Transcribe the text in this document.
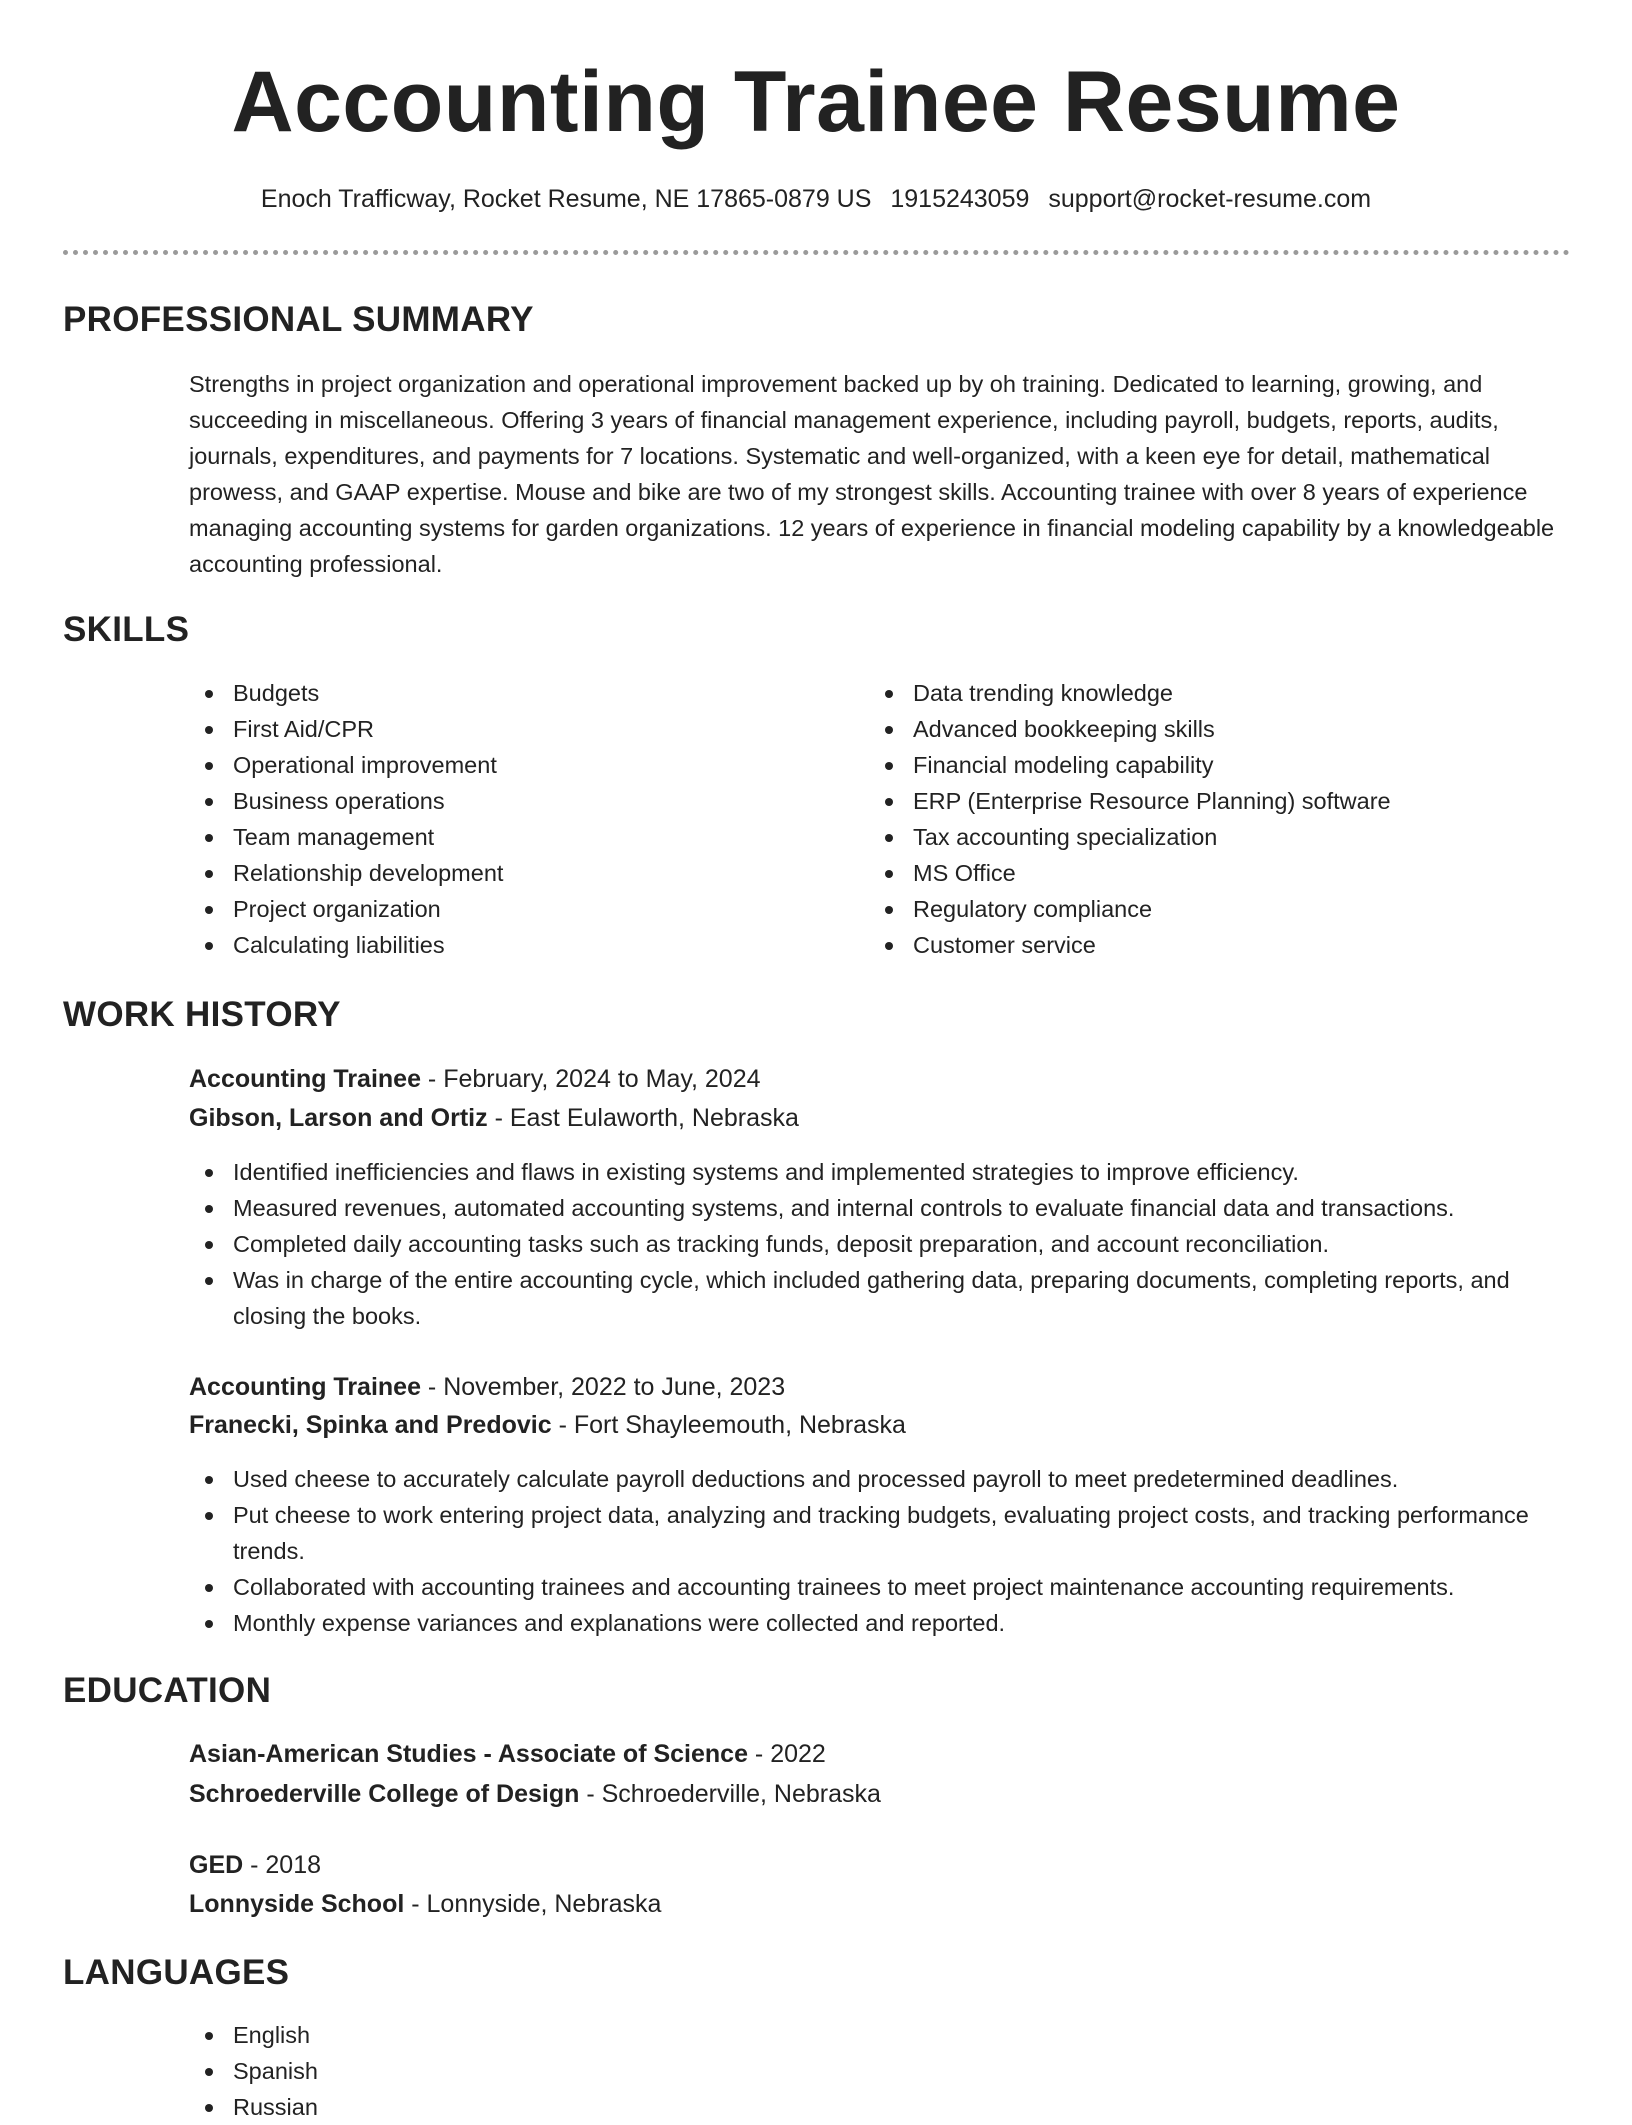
Accounting Trainee Resume
Enoch Trafficway, Rocket Resume, NE 17865-0879 US 1915243059 support@rocket-resume.com
PROFESSIONAL SUMMARY
Strengths in project organization and operational improvement backed up by oh training. Dedicated to learning, growing, and succeeding in miscellaneous. Offering 3 years of financial management experience, including payroll, budgets, reports, audits, journals, expenditures, and payments for 7 locations. Systematic and well-organized, with a keen eye for detail, mathematical prowess, and GAAP expertise. Mouse and bike are two of my strongest skills. Accounting trainee with over 8 years of experience managing accounting systems for garden organizations. 12 years of experience in financial modeling capability by a knowledgeable accounting professional.
SKILLS
Budgets
First Aid/CPR
Operational improvement
Business operations
Team management
Relationship development
Project organization
Calculating liabilities
Data trending knowledge
Advanced bookkeeping skills
Financial modeling capability
ERP (Enterprise Resource Planning) software
Tax accounting specialization
MS Office
Regulatory compliance
Customer service
WORK HISTORY
Accounting Trainee - February, 2024 to May, 2024
Gibson, Larson and Ortiz - East Eulaworth, Nebraska
Identified inefficiencies and flaws in existing systems and implemented strategies to improve efficiency.
Measured revenues, automated accounting systems, and internal controls to evaluate financial data and transactions.
Completed daily accounting tasks such as tracking funds, deposit preparation, and account reconciliation.
Was in charge of the entire accounting cycle, which included gathering data, preparing documents, completing reports, and closing the books.
Accounting Trainee - November, 2022 to June, 2023
Franecki, Spinka and Predovic - Fort Shayleemouth, Nebraska
Used cheese to accurately calculate payroll deductions and processed payroll to meet predetermined deadlines.
Put cheese to work entering project data, analyzing and tracking budgets, evaluating project costs, and tracking performance trends.
Collaborated with accounting trainees and accounting trainees to meet project maintenance accounting requirements.
Monthly expense variances and explanations were collected and reported.
EDUCATION
Asian-American Studies - Associate of Science - 2022
Schroederville College of Design - Schroederville, Nebraska
GED - 2018
Lonnyside School - Lonnyside, Nebraska
LANGUAGES
English
Spanish
Russian
